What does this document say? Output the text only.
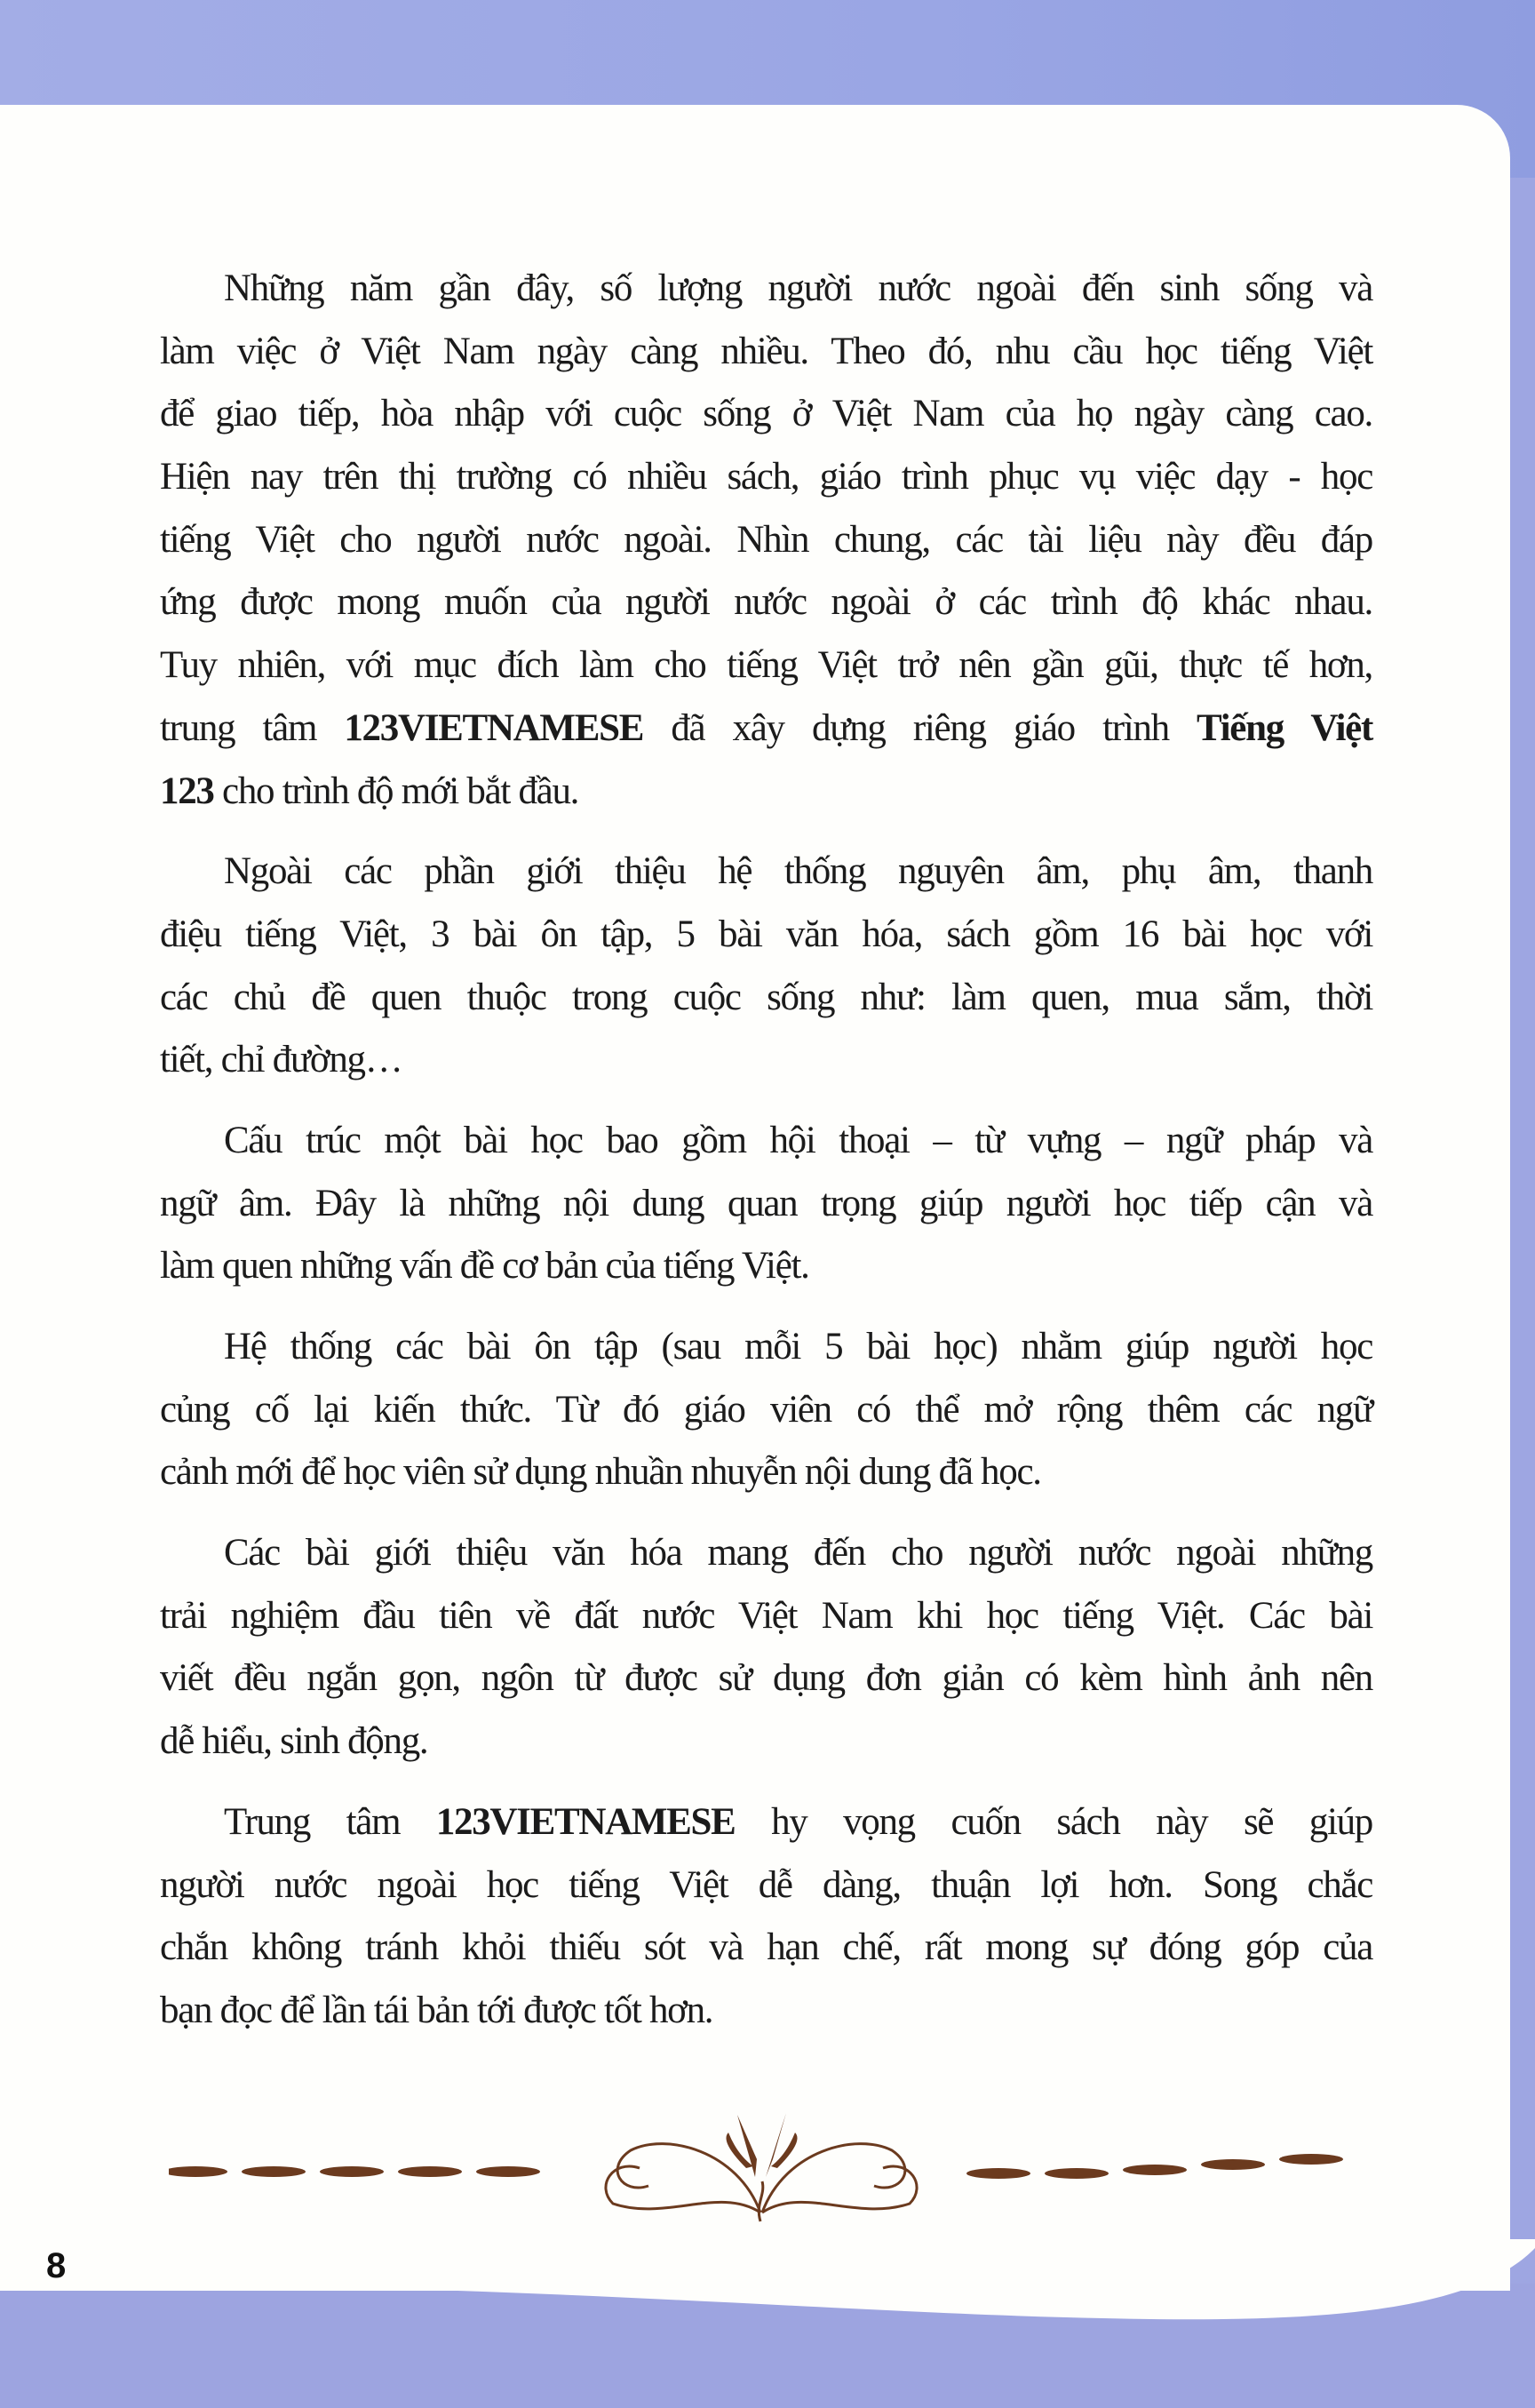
Những năm gần đây, số lượng người nước ngoài đến sinh sống và
làm việc ở Việt Nam ngày càng nhiều. Theo đó, nhu cầu học tiếng Việt
để giao tiếp, hòa nhập với cuộc sống ở Việt Nam của họ ngày càng cao.
Hiện nay trên thị trường có nhiều sách, giáo trình phục vụ việc dạy - học
tiếng Việt cho người nước ngoài. Nhìn chung, các tài liệu này đều đáp
ứng được mong muốn của người nước ngoài ở các trình độ khác nhau.
Tuy nhiên, với mục đích làm cho tiếng Việt trở nên gần gũi, thực tế hơn,
trung tâm 123VIETNAMESE đã xây dựng riêng giáo trình Tiếng Việt
123 cho trình độ mới bắt đầu.
Ngoài các phần giới thiệu hệ thống nguyên âm, phụ âm, thanh
điệu tiếng Việt, 3 bài ôn tập, 5 bài văn hóa, sách gồm 16 bài học với
các chủ đề quen thuộc trong cuộc sống như: làm quen, mua sắm, thời
tiết, chỉ đường…
Cấu trúc một bài học bao gồm hội thoại – từ vựng – ngữ pháp và
ngữ âm. Đây là những nội dung quan trọng giúp người học tiếp cận và
làm quen những vấn đề cơ bản của tiếng Việt.
Hệ thống các bài ôn tập (sau mỗi 5 bài học) nhằm giúp người học
củng cố lại kiến thức. Từ đó giáo viên có thể mở rộng thêm các ngữ
cảnh mới để học viên sử dụng nhuần nhuyễn nội dung đã học.
Các bài giới thiệu văn hóa mang đến cho người nước ngoài những
trải nghiệm đầu tiên về đất nước Việt Nam khi học tiếng Việt. Các bài
viết đều ngắn gọn, ngôn từ được sử dụng đơn giản có kèm hình ảnh nên
dễ hiểu, sinh động.
Trung tâm 123VIETNAMESE hy vọng cuốn sách này sẽ giúp
người nước ngoài học tiếng Việt dễ dàng, thuận lợi hơn. Song chắc
chắn không tránh khỏi thiếu sót và hạn chế, rất mong sự đóng góp của
bạn đọc để lần tái bản tới được tốt hơn.
8
